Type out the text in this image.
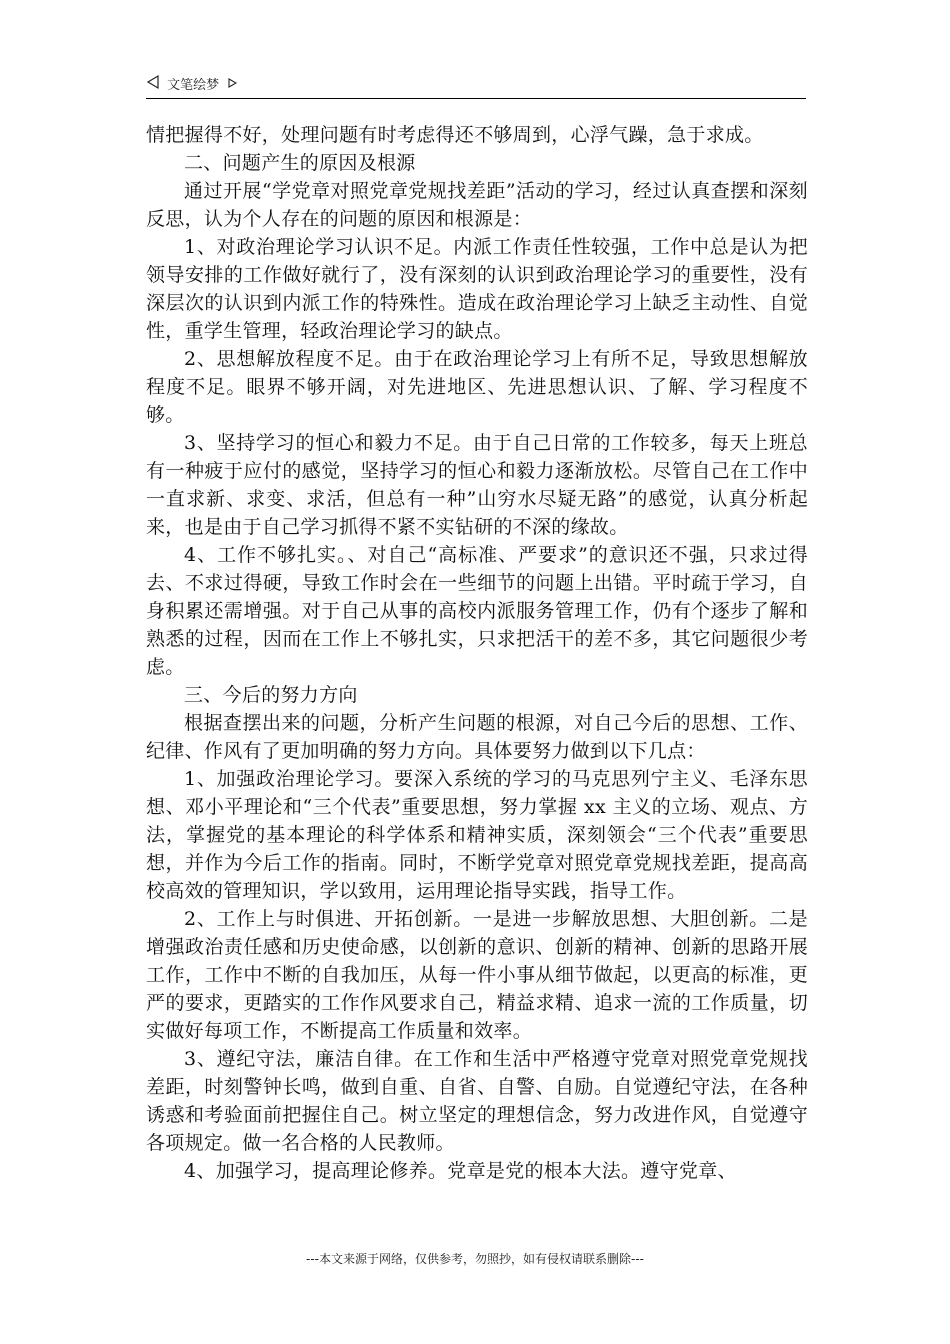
文笔绘梦

情把握得不好，处理问题有时考虑得还不够周到，心浮气躁，急于求成。

二、问题产生的原因及根源

通过开展“学党章对照党章党规找差距”活动的学习，经过认真查摆和深刻反思，认为个人存在的问题的原因和根源是：

1、对政治理论学习认识不足。内派工作责任性较强，工作中总是认为把领导安排的工作做好就行了，没有深刻的认识到政治理论学习的重要性，没有深层次的认识到内派工作的特殊性。造成在政治理论学习上缺乏主动性、自觉性，重学生管理，轻政治理论学习的缺点。

2、思想解放程度不足。由于在政治理论学习上有所不足，导致思想解放程度不足。眼界不够开阔，对先进地区、先进思想认识、了解、学习程度不够。

3、坚持学习的恒心和毅力不足。由于自己日常的工作较多，每天上班总有一种疲于应付的感觉，坚持学习的恒心和毅力逐渐放松。尽管自己在工作中一直求新、求变、求活，但总有一种”山穷水尽疑无路”的感觉，认真分析起来，也是由于自己学习抓得不紧不实钻研的不深的缘故。

4、工作不够扎实。、对自己“高标准、严要求”的意识还不强，只求过得去、不求过得硬，导致工作时会在一些细节的问题上出错。平时疏于学习，自身积累还需增强。对于自己从事的高校内派服务管理工作，仍有个逐步了解和熟悉的过程，因而在工作上不够扎实，只求把活干的差不多，其它问题很少考虑。

三、今后的努力方向

根据查摆出来的问题，分析产生问题的根源，对自己今后的思想、工作、纪律、作风有了更加明确的努力方向。具体要努力做到以下几点：

1、加强政治理论学习。要深入系统的学习的马克思列宁主义、毛泽东思想、邓小平理论和“三个代表”重要思想，努力掌握 xx 主义的立场、观点、方法，掌握党的基本理论的科学体系和精神实质，深刻领会“三个代表”重要思想，并作为今后工作的指南。同时，不断学党章对照党章党规找差距，提高高校高效的管理知识，学以致用，运用理论指导实践，指导工作。

2、工作上与时俱进、开拓创新。一是进一步解放思想、大胆创新。二是增强政治责任感和历史使命感，以创新的意识、创新的精神、创新的思路开展工作，工作中不断的自我加压，从每一件小事从细节做起，以更高的标准，更严的要求，更踏实的工作作风要求自己，精益求精、追求一流的工作质量，切实做好每项工作，不断提高工作质量和效率。

3、遵纪守法，廉洁自律。在工作和生活中严格遵守党章对照党章党规找差距，时刻警钟长鸣，做到自重、自省、自警、自励。自觉遵纪守法，在各种诱惑和考验面前把握住自己。树立坚定的理想信念，努力改进作风，自觉遵守各项规定。做一名合格的人民教师。

4、加强学习，提高理论修养。党章是党的根本大法。遵守党章、

---本文来源于网络，仅供参考，勿照抄，如有侵权请联系删除---
